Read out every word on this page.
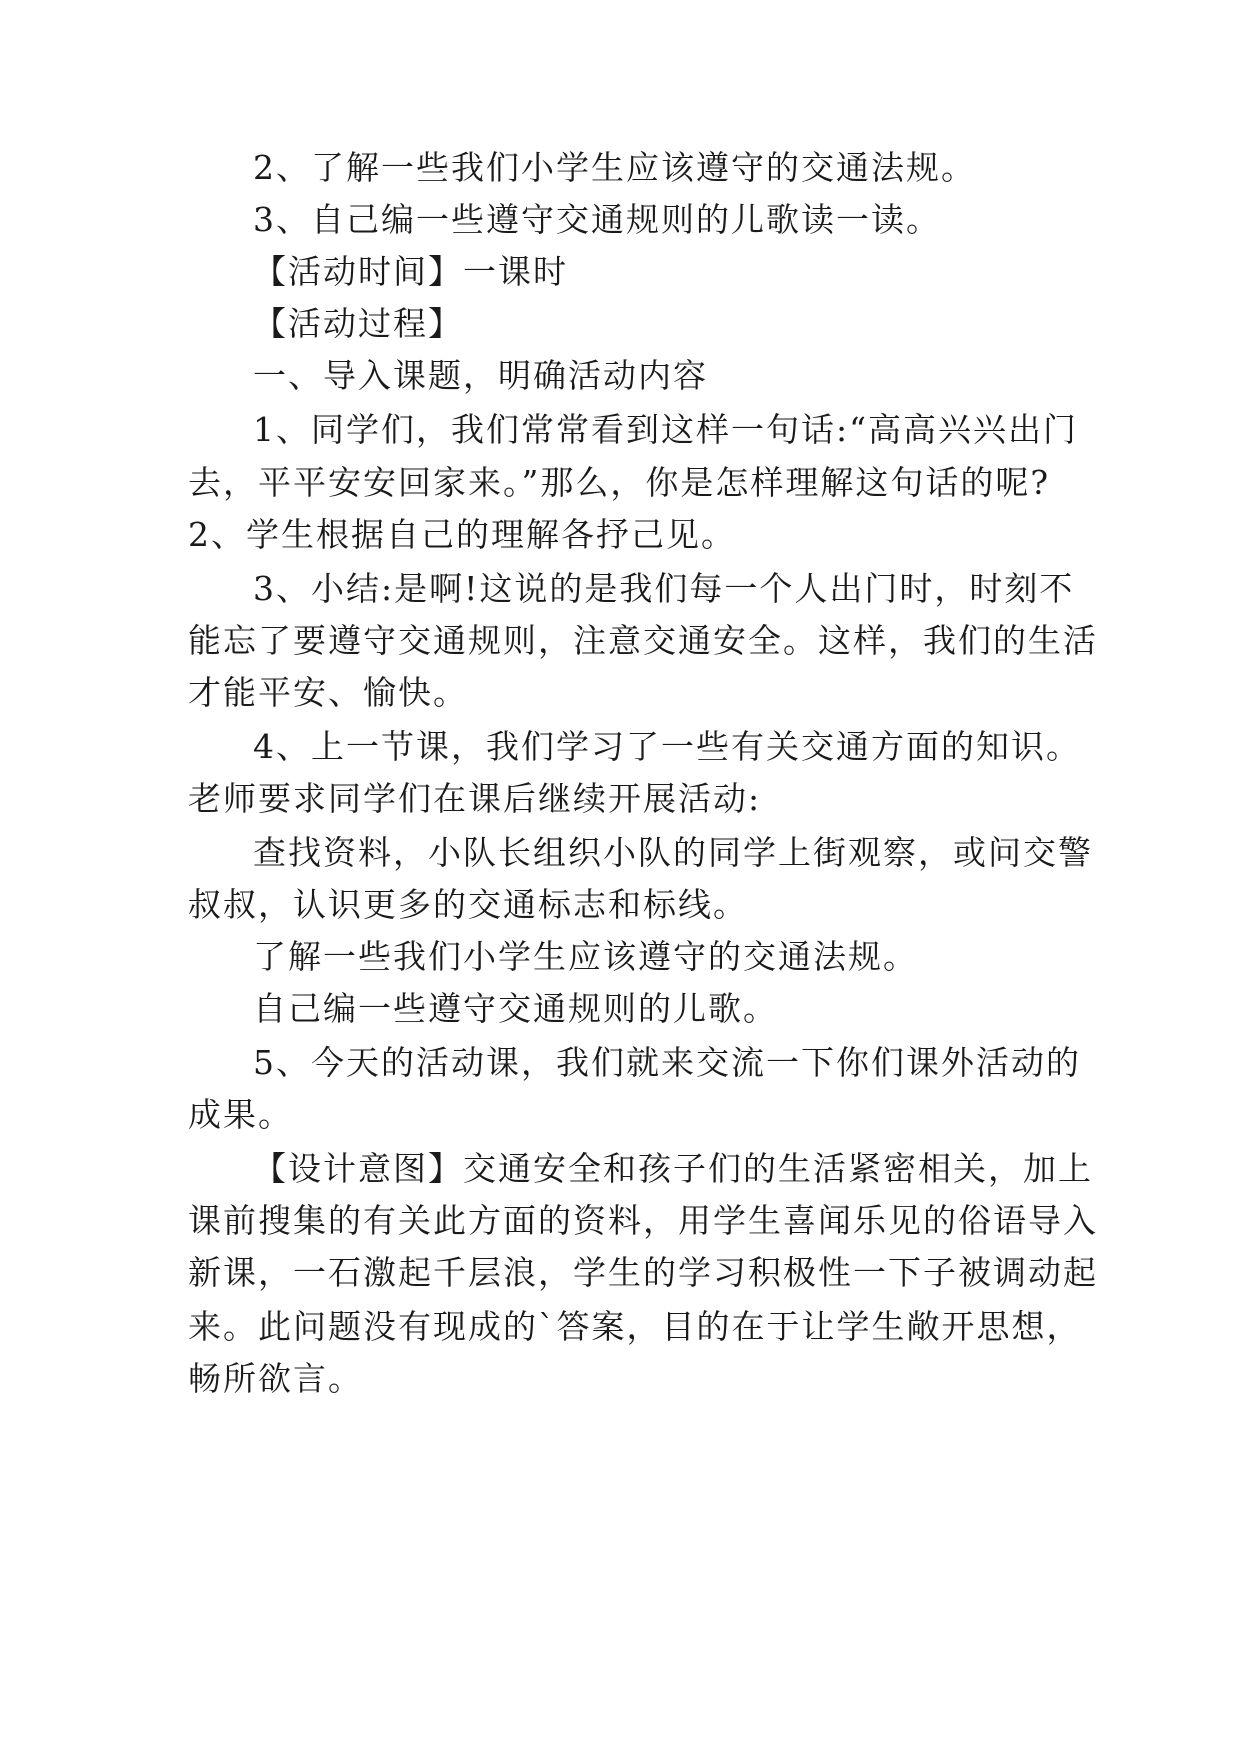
2、了解一些我们小学生应该遵守的交通法规。
3、自己编一些遵守交通规则的儿歌读一读。
【活动时间】一课时
【活动过程】
一、导入课题，明确活动内容
1、同学们，我们常常看到这样一句话:“高高兴兴出门
去，平平安安回家来。”那么，你是怎样理解这句话的呢?
2、学生根据自己的理解各抒己见。
3、小结:是啊!这说的是我们每一个人出门时，时刻不
能忘了要遵守交通规则，注意交通安全。这样，我们的生活
才能平安、愉快。
4、上一节课，我们学习了一些有关交通方面的知识。
老师要求同学们在课后继续开展活动:
查找资料，小队长组织小队的同学上街观察，或问交警
叔叔，认识更多的交通标志和标线。
了解一些我们小学生应该遵守的交通法规。
自己编一些遵守交通规则的儿歌。
5、今天的活动课，我们就来交流一下你们课外活动的
成果。
【设计意图】交通安全和孩子们的生活紧密相关，加上
课前搜集的有关此方面的资料，用学生喜闻乐见的俗语导入
新课，一石激起千层浪，学生的学习积极性一下子被调动起
来。此问题没有现成的`答案，目的在于让学生敞开思想，
畅所欲言。
